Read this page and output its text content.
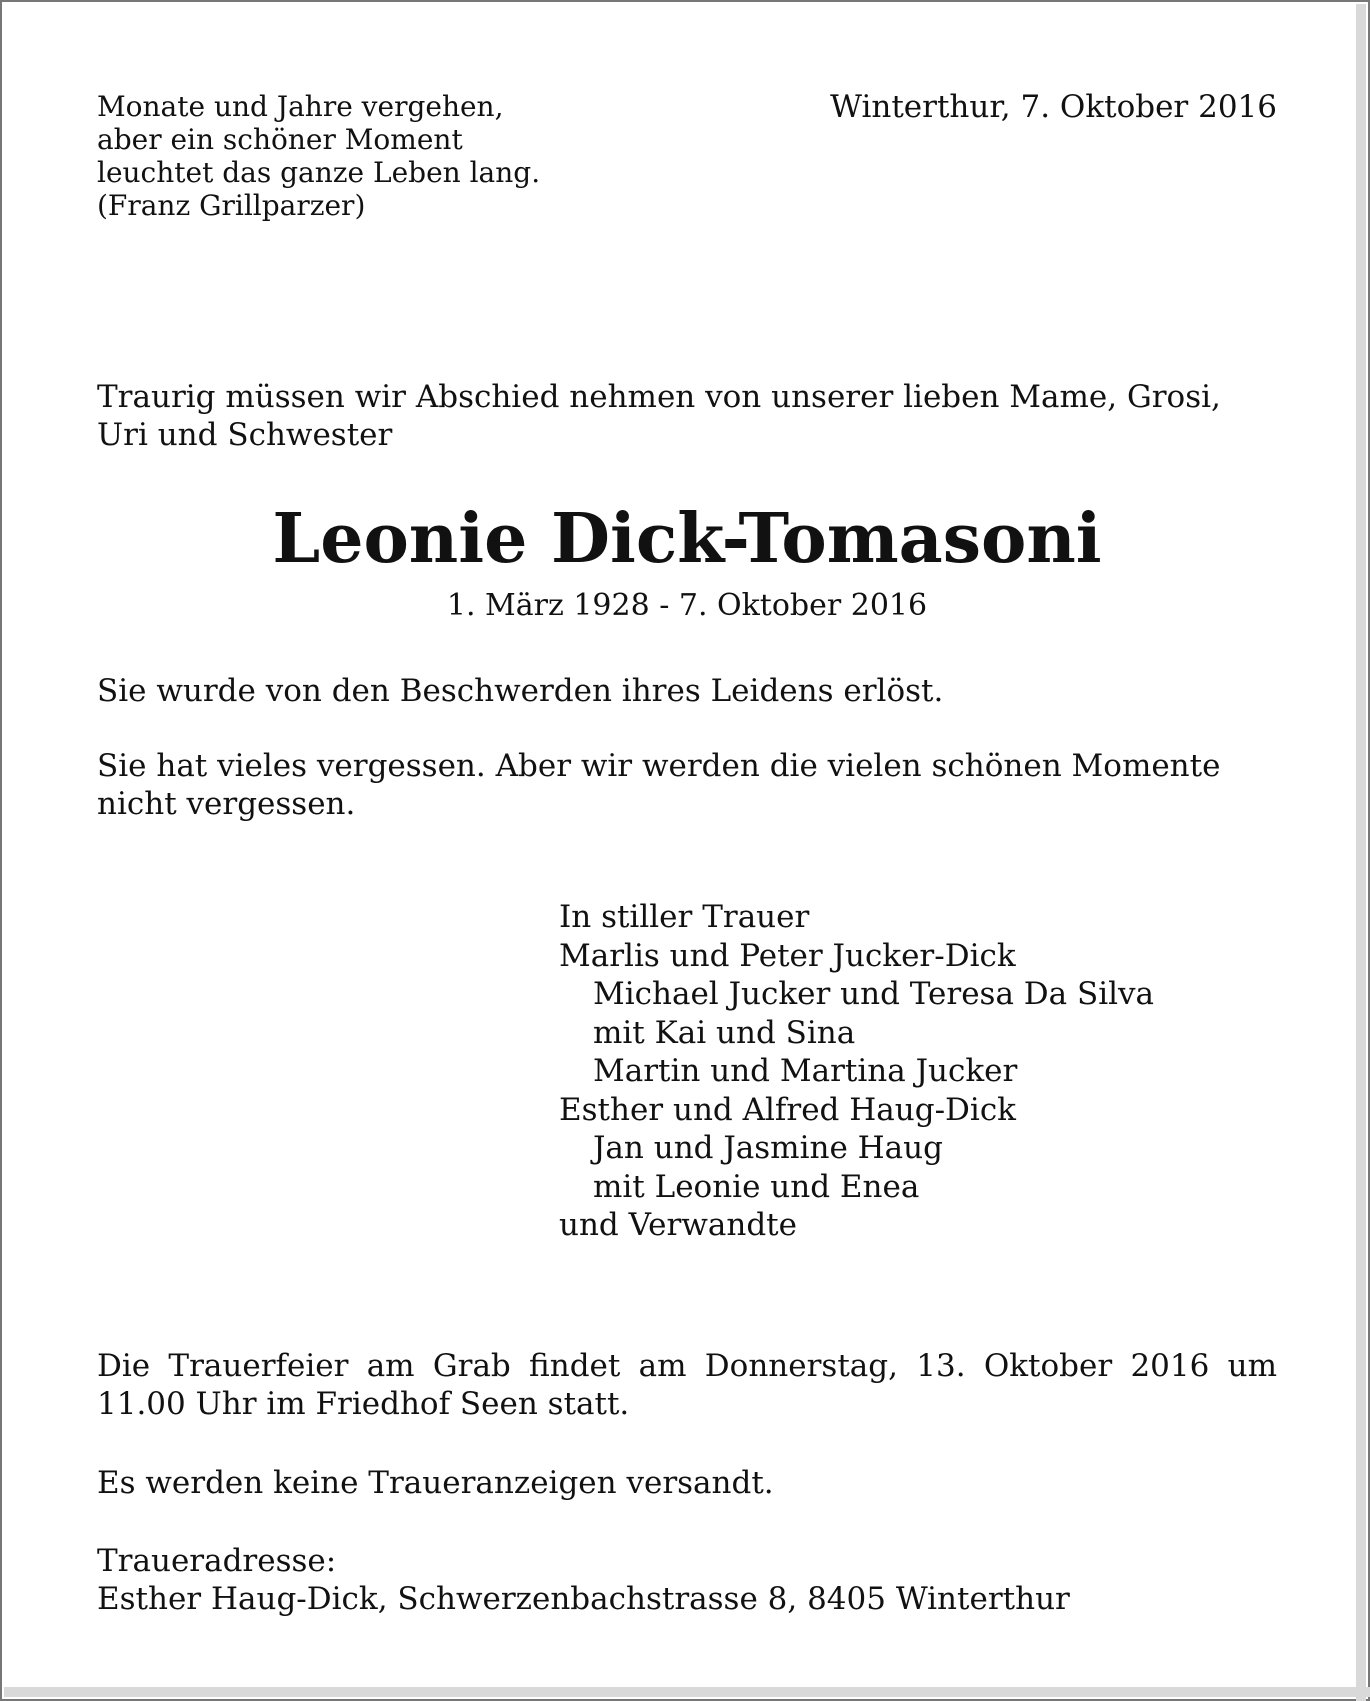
Monate und Jahre vergehen,
aber ein schöner Moment
leuchtet das ganze Leben lang.
(Franz Grillparzer)
Winterthur, 7. Oktober 2016
Traurig müssen wir Abschied nehmen von unserer lieben Mame, Grosi, Uri und Schwester
Leonie Dick-Tomasoni
1. März 1928 - 7. Oktober 2016
Sie wurde von den Beschwerden ihres Leidens erlöst.
Sie hat vieles vergessen. Aber wir werden die vielen schönen Momente nicht vergessen.
In stiller Trauer
Marlis und Peter Jucker-Dick
Michael Jucker und Teresa Da Silva
mit Kai und Sina
Martin und Martina Jucker
Esther und Alfred Haug-Dick
Jan und Jasmine Haug
mit Leonie und Enea
und Verwandte
Die Trauerfeier am Grab findet am Donnerstag, 13. Oktober 2016 um
11.00 Uhr im Friedhof Seen statt.
Es werden keine Traueranzeigen versandt.
Traueradresse:
Esther Haug-Dick, Schwerzenbachstrasse 8, 8405 Winterthur
